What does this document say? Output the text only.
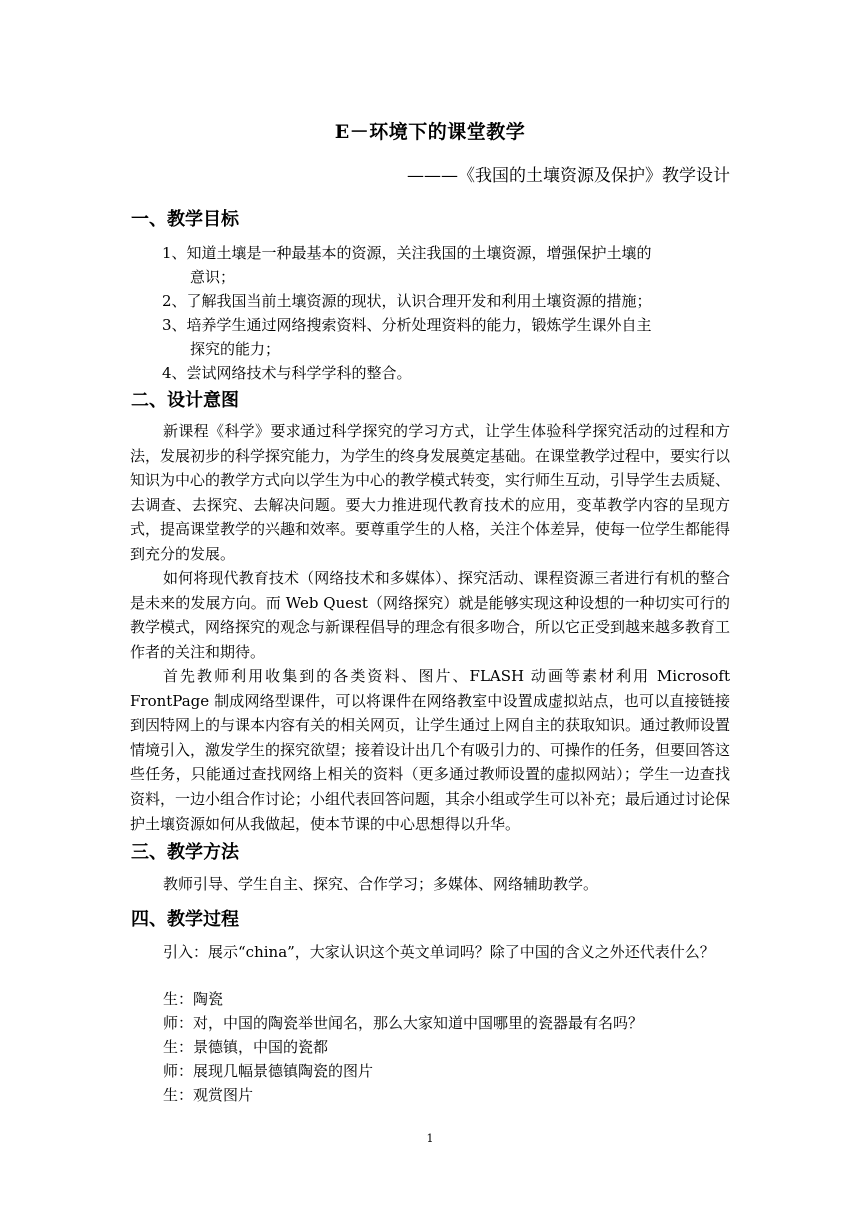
E－环境下的课堂教学
———《我国的土壤资源及保护》教学设计
一、教学目标
1、知道土壤是一种最基本的资源，关注我国的土壤资源，增强保护土壤的
意识；
2、了解我国当前土壤资源的现状，认识合理开发和利用土壤资源的措施；
3、培养学生通过网络搜索资料、分析处理资料的能力，锻炼学生课外自主
探究的能力；
4、尝试网络技术与科学学科的整合。
二、设计意图
新课程《科学》要求通过科学探究的学习方式，让学生体验科学探究活动的过程和方法，发展初步的科学探究能力，为学生的终身发展奠定基础。在课堂教学过程中，要实行以知识为中心的教学方式向以学生为中心的教学模式转变，实行师生互动，引导学生去质疑、去调查、去探究、去解决问题。要大力推进现代教育技术的应用，变革教学内容的呈现方式，提高课堂教学的兴趣和效率。要尊重学生的人格，关注个体差异，使每一位学生都能得到充分的发展。
如何将现代教育技术（网络技术和多媒体）、探究活动、课程资源三者进行有机的整合是未来的发展方向。而 Web Quest（网络探究）就是能够实现这种设想的一种切实可行的教学模式，网络探究的观念与新课程倡导的理念有很多吻合，所以它正受到越来越多教育工作者的关注和期待。
首先教师利用收集到的各类资料、图片、FLASH 动画等素材利用 Microsoft FrontPage 制成网络型课件，可以将课件在网络教室中设置成虚拟站点，也可以直接链接到因特网上的与课本内容有关的相关网页，让学生通过上网自主的获取知识。通过教师设置情境引入，激发学生的探究欲望；接着设计出几个有吸引力的、可操作的任务，但要回答这些任务，只能通过查找网络上相关的资料（更多通过教师设置的虚拟网站）；学生一边查找资料，一边小组合作讨论；小组代表回答问题，其余小组或学生可以补充；最后通过讨论保护土壤资源如何从我做起，使本节课的中心思想得以升华。
三、教学方法
教师引导、学生自主、探究、合作学习；多媒体、网络辅助教学。
四、教学过程
引入：展示“china”，大家认识这个英文单词吗？除了中国的含义之外还代表什么？
生：陶瓷
师：对，中国的陶瓷举世闻名，那么大家知道中国哪里的瓷器最有名吗？
生：景德镇，中国的瓷都
师：展现几幅景德镇陶瓷的图片
生：观赏图片
1
